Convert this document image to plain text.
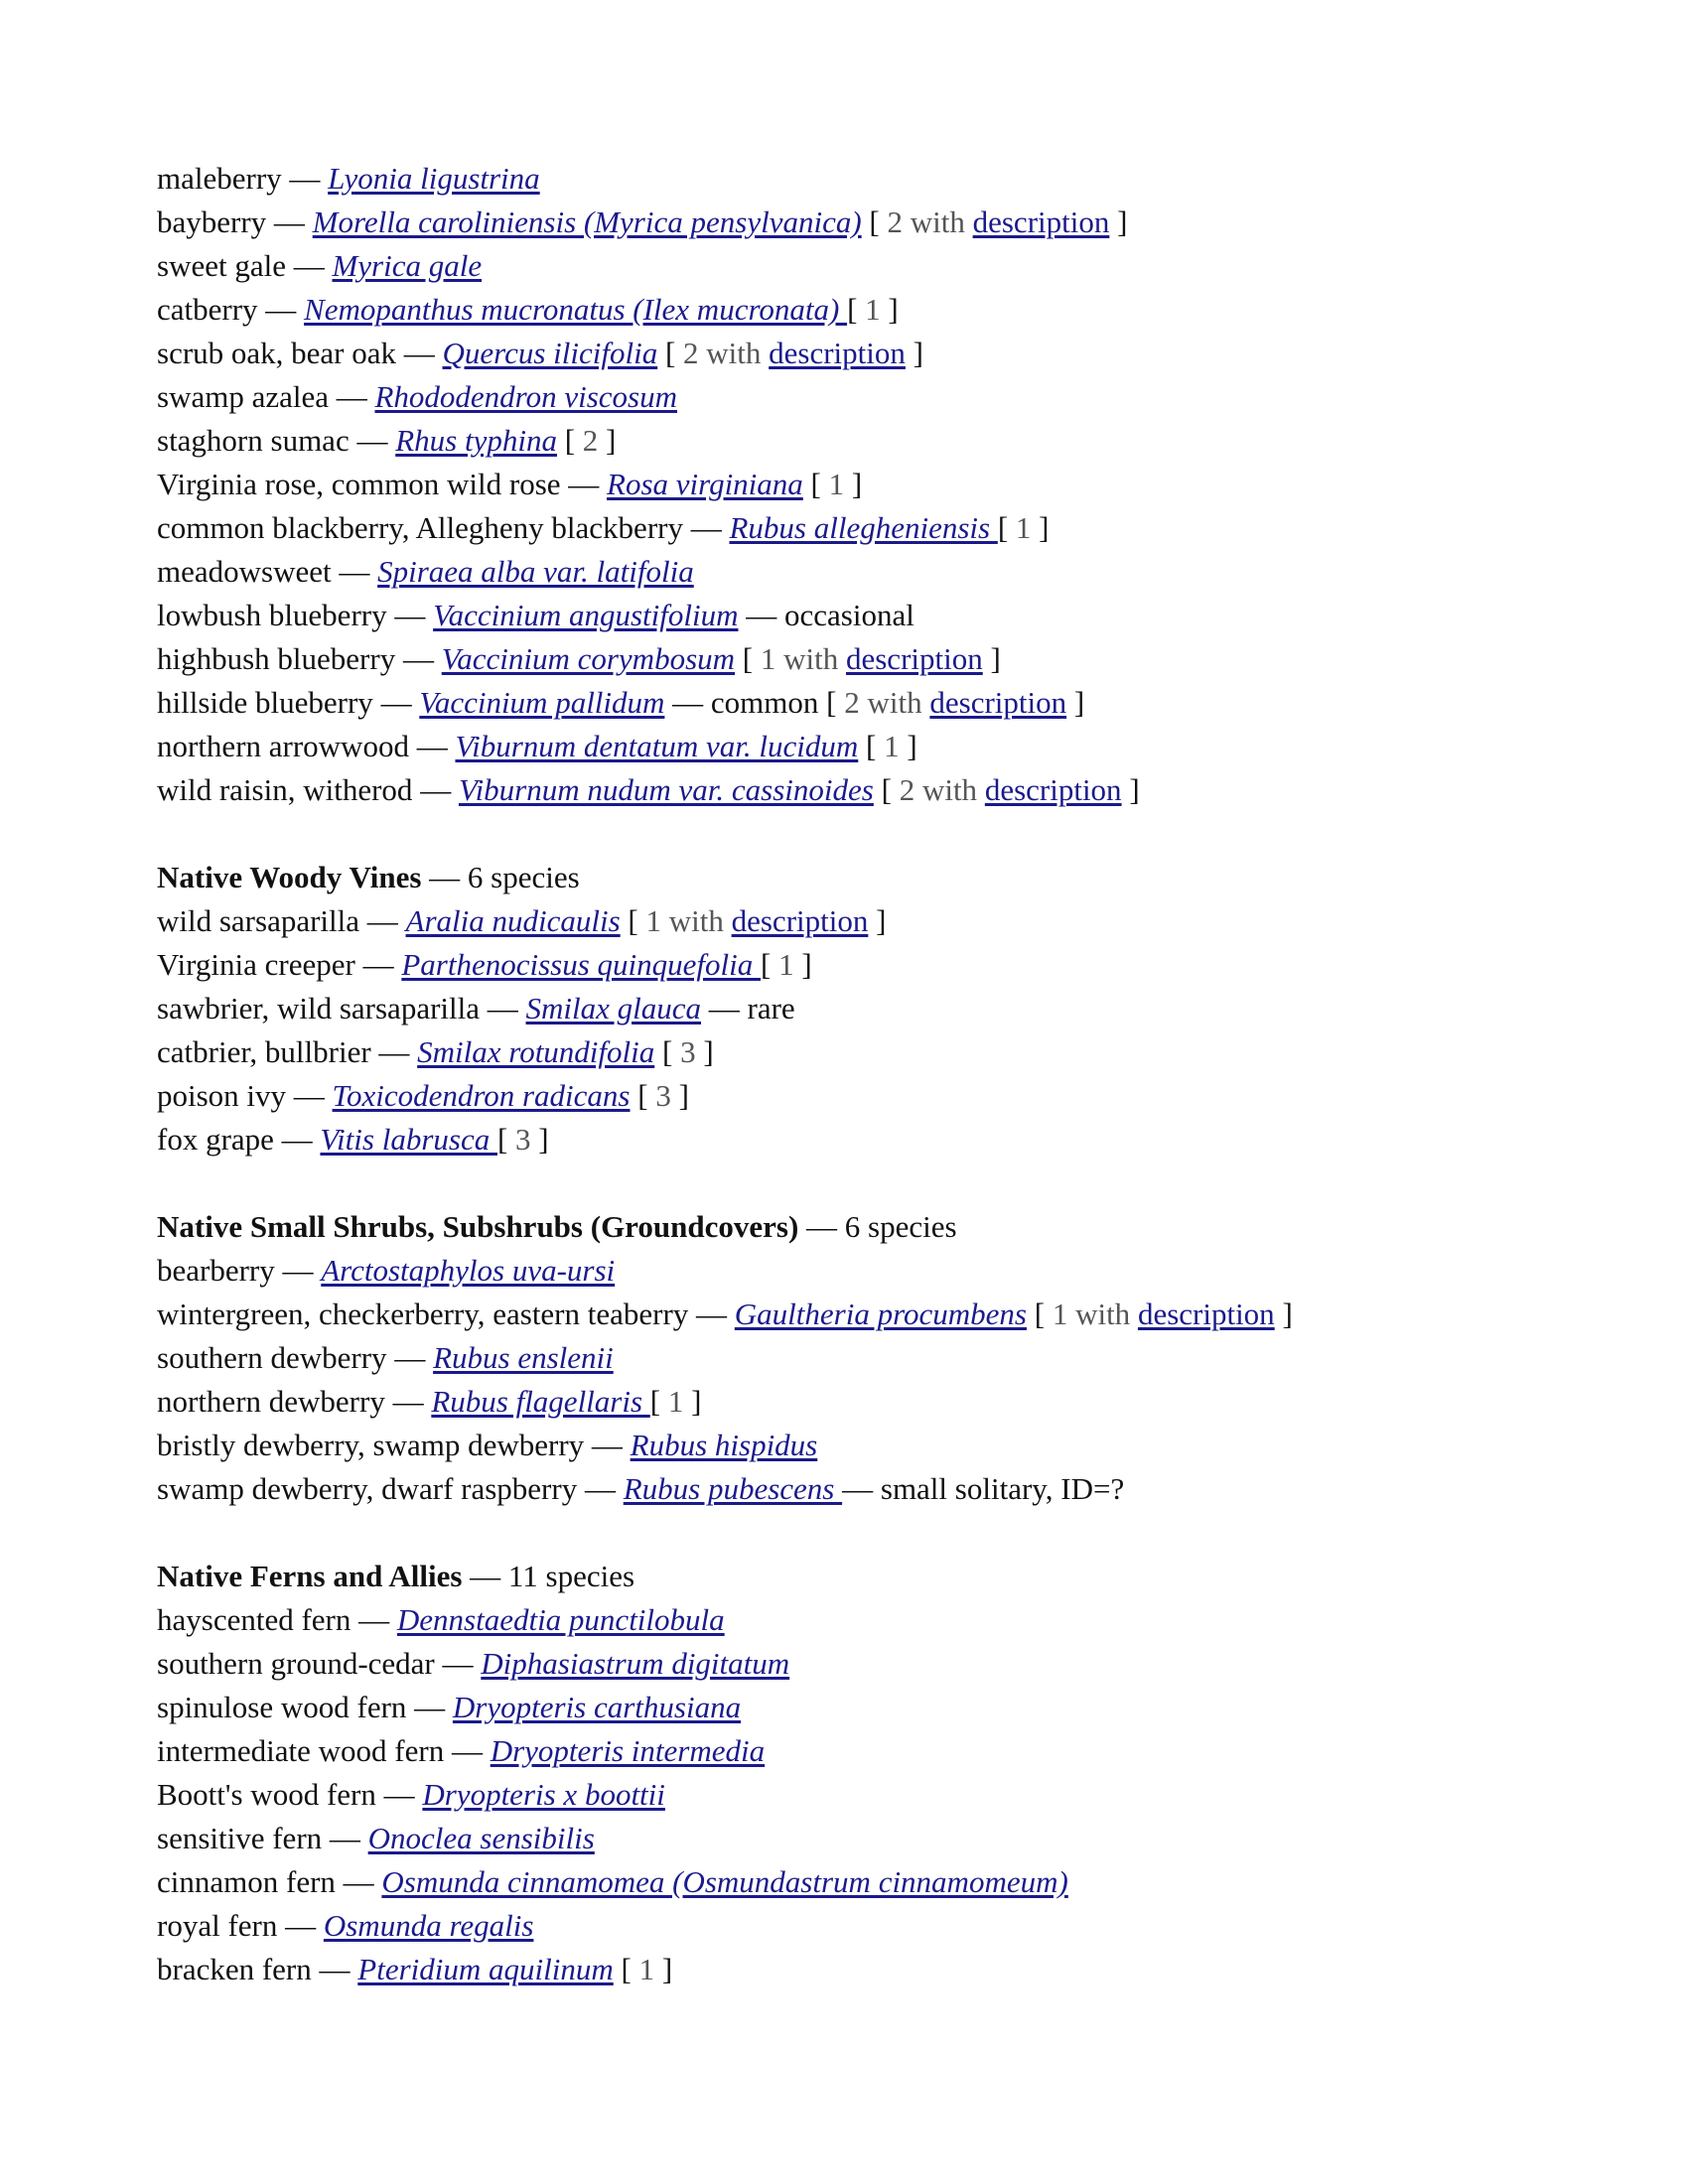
maleberry — Lyonia ligustrina
bayberry — Morella caroliniensis (Myrica pensylvanica) [ 2 with description ]
sweet gale — Myrica gale
catberry — Nemopanthus mucronatus (Ilex mucronata) [ 1 ]
scrub oak, bear oak — Quercus ilicifolia [ 2 with description ]
swamp azalea — Rhododendron viscosum
staghorn sumac — Rhus typhina [ 2 ]
Virginia rose, common wild rose — Rosa virginiana [ 1 ]
common blackberry, Allegheny blackberry — Rubus allegheniensis [ 1 ]
meadowsweet — Spiraea alba var. latifolia
lowbush blueberry — Vaccinium angustifolium — occasional
highbush blueberry — Vaccinium corymbosum [ 1 with description ]
hillside blueberry — Vaccinium pallidum — common [ 2 with description ]
northern arrowwood — Viburnum dentatum var. lucidum [ 1 ]
wild raisin, witherod — Viburnum nudum var. cassinoides [ 2 with description ]
Native Woody Vines — 6 species
wild sarsaparilla — Aralia nudicaulis [ 1 with description ]
Virginia creeper — Parthenocissus quinquefolia [ 1 ]
sawbrier, wild sarsaparilla — Smilax glauca — rare
catbrier, bullbrier — Smilax rotundifolia [ 3 ]
poison ivy — Toxicodendron radicans [ 3 ]
fox grape — Vitis labrusca [ 3 ]
Native Small Shrubs, Subshrubs (Groundcovers) — 6 species
bearberry — Arctostaphylos uva-ursi
wintergreen, checkerberry, eastern teaberry — Gaultheria procumbens [ 1 with description ]
southern dewberry — Rubus enslenii
northern dewberry — Rubus flagellaris [ 1 ]
bristly dewberry, swamp dewberry — Rubus hispidus
swamp dewberry, dwarf raspberry — Rubus pubescens — small solitary, ID=?
Native Ferns and Allies — 11 species
hayscented fern — Dennstaedtia punctilobula
southern ground-cedar — Diphasiastrum digitatum
spinulose wood fern — Dryopteris carthusiana
intermediate wood fern — Dryopteris intermedia
Boott's wood fern — Dryopteris x boottii
sensitive fern — Onoclea sensibilis
cinnamon fern — Osmunda cinnamomea (Osmundastrum cinnamomeum)
royal fern — Osmunda regalis
bracken fern — Pteridium aquilinum [ 1 ]
